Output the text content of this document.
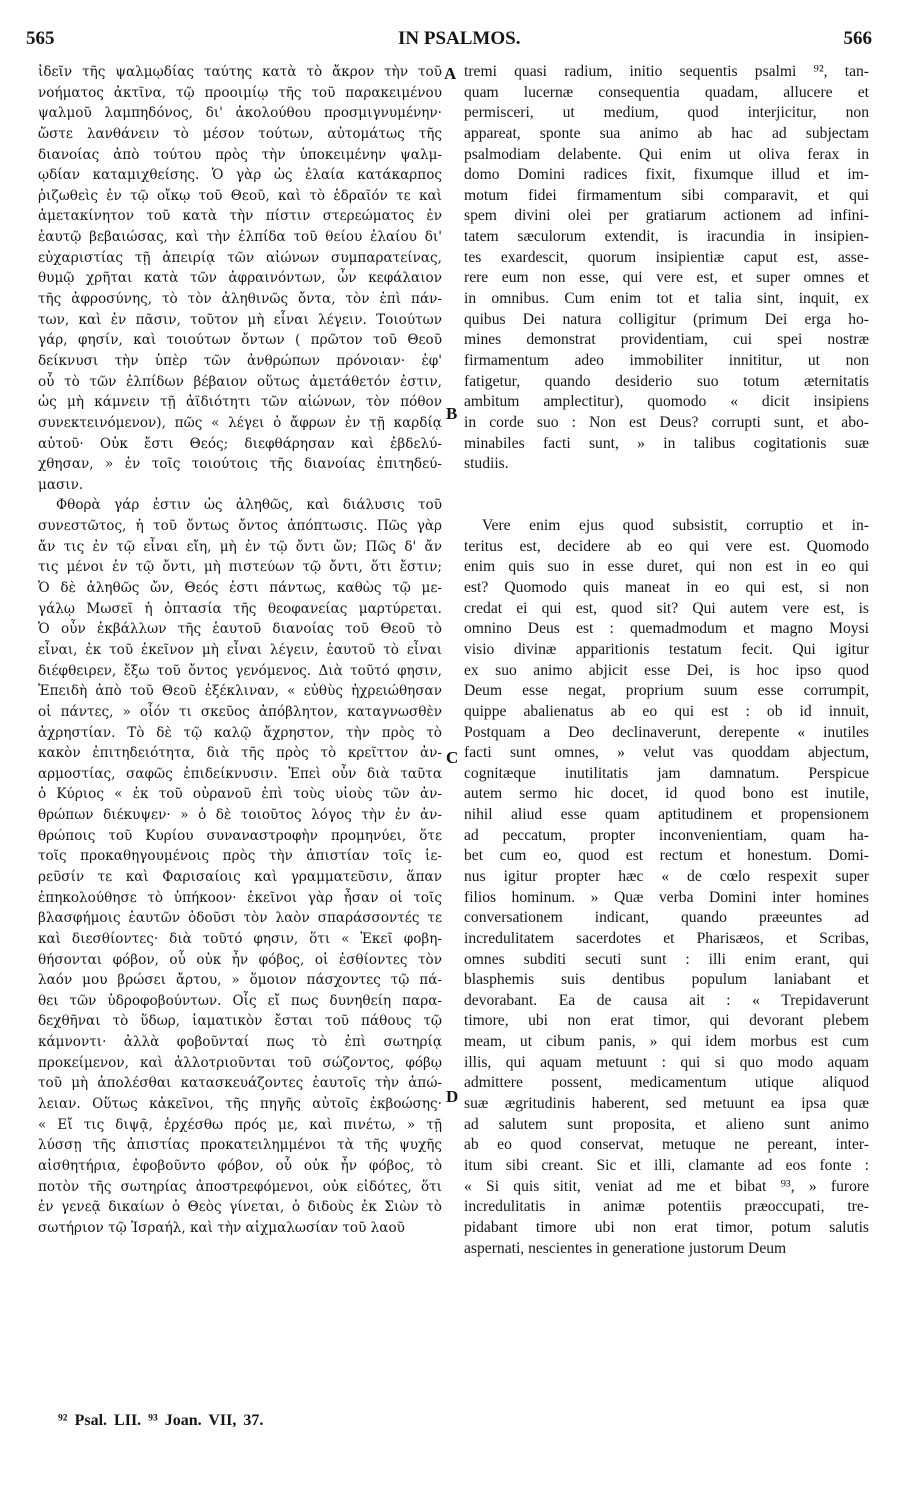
565	IN PSALMOS.	566
ἰδεῖν τῆς ψαλμῳδίας ταύτης κατὰ τὸ ἄκρον τὴν τοῦ
νοήματος ἀκτῖνα, τῷ προοιμίῳ τῆς τοῦ παρακειμένου
ψαλμοῦ λαμπηδόνος, δι' ἀκολούθου προσμιγνυμένην·
ὥστε λανθάνειν τὸ μέσον τούτων, αὐτομάτως τῆς
διανοίας ἀπὸ τούτου πρὸς τὴν ὑποκειμένην ψαλμ-
ῳδίαν καταμιχθείσης. Ὁ γὰρ ὡς ἐλαία κατάκαρπος
ῥιζωθεὶς ἐν τῷ οἴκῳ τοῦ Θεοῦ, καὶ τὸ ἑδραῖόν τε καὶ
ἀμετακίνητον τοῦ κατὰ τὴν πίστιν στερεώματος ἐν
ἑαυτῷ βεβαιώσας, καὶ τὴν ἐλπίδα τοῦ θείου ἐλαίου δι'
εὐχαριστίας τῇ ἀπειρίᾳ τῶν αἰώνων συμπαρατείνας,
θυμῷ χρῆται κατὰ τῶν ἀφραινόντων, ὧν κεφάλαιον
τῆς ἀφροσύνης, τὸ τὸν ἀληθινῶς ὄντα, τὸν ἐπὶ πάν-
των, καὶ ἐν πᾶσιν, τοῦτον μὴ εἶναι λέγειν. Τοιούτων
γάρ, φησίν, καὶ τοιούτων ὄντων ( πρῶτον τοῦ Θεοῦ
δείκνυσι τὴν ὑπὲρ τῶν ἀνθρώπων πρόνοιαν· ἐφ'
οὗ τὸ τῶν ἐλπίδων βέβαιον οὕτως ἀμετάθετόν ἐστιν,
ὡς μὴ κάμνειν τῇ ἀϊδιότητι τῶν αἰώνων, τὸν πόθον
συνεκτεινόμενον), πῶς « λέγει ὁ ἄφρων ἐν τῇ καρδίᾳ
αὐτοῦ· Οὐκ ἔστι Θεός; διεφθάρησαν καὶ ἐβδελύ-
χθησαν, » ἐν τοῖς τοιούτοις τῆς διανοίας ἐπιτηδεύ-
μασιν.
Φθορὰ γάρ ἐστιν ὡς ἀληθῶς, καὶ διάλυσις τοῦ
συνεστῶτος, ἡ τοῦ ὄντως ὄντος ἀπόπτωσις. Πῶς γὰρ
ἄν τις ἐν τῷ εἶναι εἴη, μὴ ἐν τῷ ὄντι ὤν; Πῶς δ' ἄν
τις μένοι ἐν τῷ ὄντι, μὴ πιστεύων τῷ ὄντι, ὅτι ἔστιν;
Ὁ δὲ ἀληθῶς ὤν, Θεός ἐστι πάντως, καθὼς τῷ με-
γάλῳ Μωσεῖ ἡ ὀπτασία τῆς θεοφανείας μαρτύρεται.
Ὁ οὖν ἐκβάλλων τῆς ἑαυτοῦ διανοίας τοῦ Θεοῦ τὸ
εἶναι, ἐκ τοῦ ἐκεῖνον μὴ εἶναι λέγειν, ἑαυτοῦ τὸ εἶναι
διέφθειρεν, ἔξω τοῦ ὄντος γενόμενος. Διὰ τοῦτό φησιν,
Ἐπειδὴ ἀπὸ τοῦ Θεοῦ ἐξέκλιναν, « εὐθὺς ἠχρειώθησαν
οἱ πάντες, » οἷόν τι σκεῦος ἀπόβλητον, καταγνωσθὲν
ἀχρηστίαν. Τὸ δὲ τῷ καλῷ ἄχρηστον, τὴν πρὸς τὸ
κακὸν ἐπιτηδειότητα, διὰ τῆς πρὸς τὸ κρεῖττον ἀν-
αρμοστίας, σαφῶς ἐπιδείκνυσιν. Ἐπεὶ οὖν διὰ ταῦτα
ὁ Κύριος « ἐκ τοῦ οὐρανοῦ ἐπὶ τοὺς υἱοὺς τῶν ἀν-
θρώπων διέκυψεν· » ὁ δὲ τοιοῦτος λόγος τὴν ἐν ἀν-
θρώποις τοῦ Κυρίου συναναστροφὴν προμηνύει, ὅτε
τοῖς προκαθηγουμένοις πρὸς τὴν ἀπιστίαν τοῖς ἱε-
ρεῦσίν τε καὶ Φαρισαίοις καὶ γραμματεῦσιν, ἅπαν
ἐπηκολούθησε τὸ ὑπήκοον· ἐκεῖνοι γὰρ ἦσαν οἱ τοῖς
βλασφήμοις ἑαυτῶν ὀδοῦσι τὸν λαὸν σπαράσσοντές τε
καὶ διεσθίοντες· διὰ τοῦτό φησιν, ὅτι « Ἐκεῖ φοβη-
θήσονται φόβον, οὗ οὐκ ἦν φόβος, οἱ ἐσθίοντες τὸν
λαόν μου βρώσει ἄρτου, » ὅμοιον πάσχοντες τῷ πά-
θει τῶν ὑδροφοβούντων. Οἷς εἴ πως δυνηθείη παρα-
δεχθῆναι τὸ ὕδωρ, ἰαματικὸν ἔσται τοῦ πάθους τῷ
κάμνοντι· ἀλλὰ φοβοῦνταί πως τὸ ἐπὶ σωτηρίᾳ
προκείμενον, καὶ ἀλλοτριοῦνται τοῦ σώζοντος, φόβῳ
τοῦ μὴ ἀπολέσθαι κατασκευάζοντες ἑαυτοῖς τὴν ἀπώ-
λειαν. Οὕτως κἀκεῖνοι, τῆς πηγῆς αὐτοῖς ἐκβοώσης·
« Εἴ τις διψᾷ, ἐρχέσθω πρός με, καὶ πινέτω, » τῇ
λύσσῃ τῆς ἀπιστίας προκατειλημμένοι τὰ τῆς ψυχῆς
αἰσθητήρια, ἐφοβοῦντο φόβον, οὗ οὐκ ἦν φόβος, τὸ
ποτὸν τῆς σωτηρίας ἀποστρεφόμενοι, οὐκ εἰδότες, ὅτι
ἐν γενεᾷ δικαίων ὁ Θεὸς γίνεται, ὁ διδοὺς ἐκ Σιὼν τὸ
σωτήριον τῷ Ἰσραήλ, καὶ τὴν αἰχμαλωσίαν τοῦ λαοῦ
tremi quasi radium, initio sequentis psalmi ⁹², tan-
quam lucernæ consequentia quadam, allucere et
permisceri, ut medium, quod interjicitur, non
appareat, sponte sua animo ab hac ad subjectam
psalmodiam delabente. Qui enim ut oliva ferax in
domo Domini radices fixit, fixumque illud et im-
motum fidei firmamentum sibi comparavit, et qui
spem divini olei per gratiarum actionem ad infini-
tatem sæculorum extendit, is iracundia in insipien-
tes exardescit, quorum insipientiæ caput est, asse-
rere eum non esse, qui vere est, et super omnes et
in omnibus. Cum enim tot et talia sint, inquit, ex
quibus Dei natura colligitur (primum Dei erga ho-
mines demonstrat providentiam, cui spei nostræ
firmamentum adeo immobiliter innititur, ut non
fatigetur, quando desiderio suo totum æternitatis
ambitum amplectitur), quomodo « dicit insipiens
in corde suo : Non est Deus? corrupti sunt, et abo-
minabiles facti sunt, » in talibus cogitationis suæ
studiis.
Vere enim ejus quod subsistit, corruptio et in-
teritus est, decidere ab eo qui vere est. Quomodo
enim quis suo in esse duret, qui non est in eo qui
est? Quomodo quis maneat in eo qui est, si non
credat ei qui est, quod sit? Qui autem vere est, is
omnino Deus est : quemadmodum et magno Moysi
visio divinæ apparitionis testatum fecit. Qui igitur
ex suo animo abjicit esse Dei, is hoc ipso quod
Deum esse negat, proprium suum esse corrumpit,
quippe abalienatus ab eo qui est : ob id innuit,
Postquam a Deo declinaverunt, derepente « inutiles
facti sunt omnes, » velut vas quoddam abjectum,
cognitæque inutilitatis jam damnatum. Perspicue
autem sermo hic docet, id quod bono est inutile,
nihil aliud esse quam aptitudinem et propensionem
ad peccatum, propter inconvenientiam, quam ha-
bet cum eo, quod est rectum et honestum. Domi-
nus igitur propter hæc « de cœlo respexit super
filios hominum. » Quæ verba Domini inter homines
conversationem indicant, quando præeuntes ad
incredulitatem sacerdotes et Pharisæos, et Scribas,
omnes subditi secuti sunt : illi enim erant, qui
blasphemis suis dentibus populum laniabant et
devorabant. Ea de causa ait : « Trepidaverunt
timore, ubi non erat timor, qui devorant plebem
meam, ut cibum panis, » qui idem morbus est cum
illis, qui aquam metuunt : qui si quo modo aquam
admittere possent, medicamentum utique aliquod
suæ ægritudinis haberent, sed metuunt ea ipsa quæ
ad salutem sunt proposita, et alieno sunt animo
ab eo quod conservat, metuque ne pereant, inter-
itum sibi creant. Sic et illi, clamante ad eos fonte :
« Si quis sitit, veniat ad me et bibat ⁹³, » furore
incredulitatis in animæ potentiis præoccupati, tre-
pidabant timore ubi non erat timor, potum salutis
aspernati, nescientes in generatione justorum Deum
A
B
C
D
⁹² Psal. LII. ⁹³ Joan. VII, 37.
